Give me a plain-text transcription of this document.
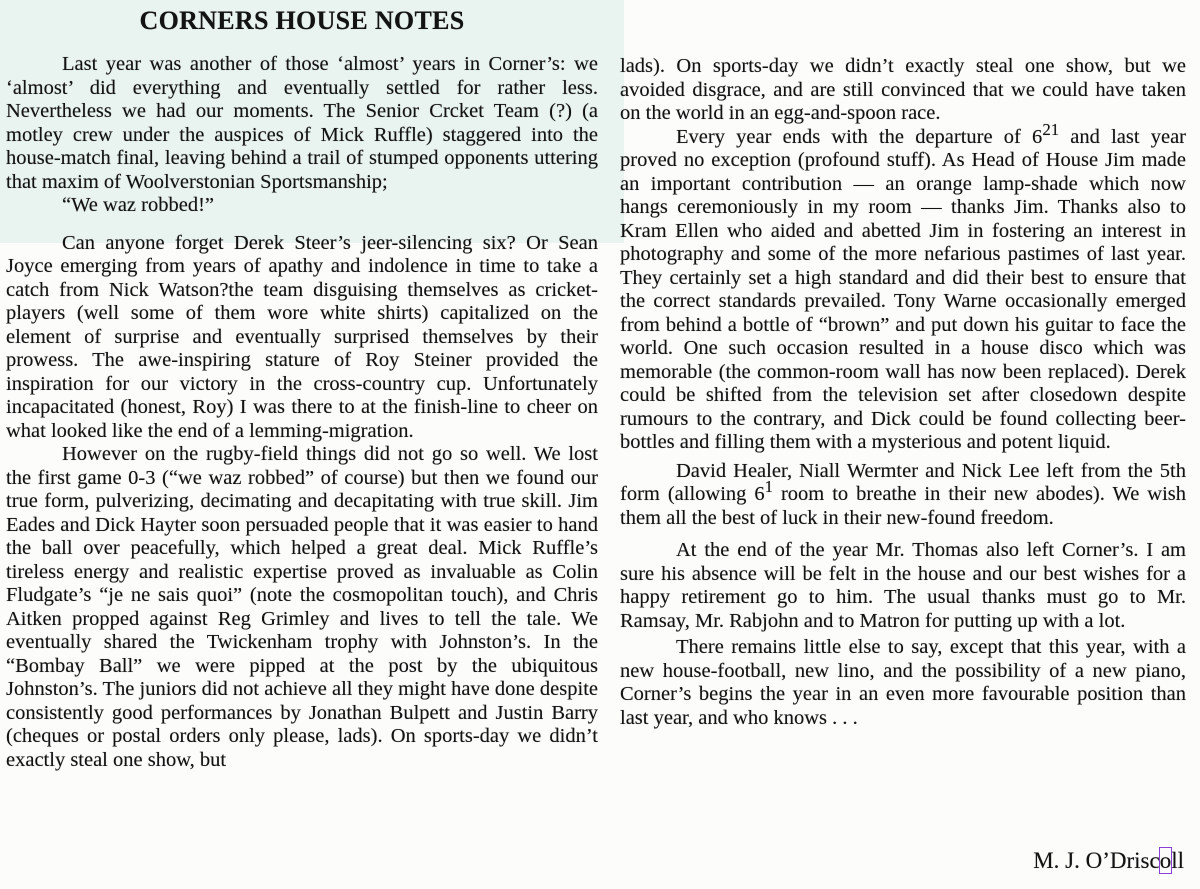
CORNERS HOUSE NOTES

Last year was another of those ‘almost’ years in Corner’s: we ‘almost’ did everything and eventually settled for rather less. Nevertheless we had our moments. The Senior Crcket Team (?) (a motley crew under the auspices of Mick Ruffle) staggered into the house-match final, leaving behind a trail of stumped opponents uttering that maxim of Woolverstonian Sportsmanship;

“We waz robbed!”

Can anyone forget Derek Steer’s jeer-silencing six? Or Sean Joyce emerging from years of apathy and indolence in time to take a catch from Nick Watson?the team disguising themselves as cricket-players (well some of them wore white shirts) capitalized on the element of surprise and eventually surprised themselves by their prowess. The awe-inspiring stature of Roy Steiner provided the inspiration for our victory in the cross-country cup. Unfortunately incapacitated (honest, Roy) I was there to at the finish-line to cheer on what looked like the end of a lemming-migration.

However on the rugby-field things did not go so well. We lost the first game 0-3 (“we waz robbed” of course) but then we found our true form, pulverizing, decimating and decapitating with true skill. Jim Eades and Dick Hayter soon persuaded people that it was easier to hand the ball over peacefully, which helped a great deal. Mick Ruffle’s tireless energy and realistic expertise proved as invaluable as Colin Fludgate’s “je ne sais quoi” (note the cosmopolitan touch), and Chris Aitken propped against Reg Grimley and lives to tell the tale. We eventually shared the Twickenham trophy with Johnston’s. In the “Bombay Ball” we were pipped at the post by the ubiquitous Johnston’s. The juniors did not achieve all they might have done despite consistently good performances by Jonathan Bulpett and Justin Barry (cheques or postal orders only please, lads). On sports-day we didn’t exactly steal one show, but

lads). On sports-day we didn’t exactly steal one show, but we avoided disgrace, and are still convinced that we could have taken on the world in an egg-and-spoon race.

Every year ends with the departure of $6^{21}$ and last year proved no exception (profound stuff). As Head of House Jim made an important contribution — an orange lamp-shade which now hangs ceremoniously in my room — thanks Jim. Thanks also to Kram Ellen who aided and abetted Jim in fostering an interest in photography and some of the more nefarious pastimes of last year. They certainly set a high standard and did their best to ensure that the correct standards prevailed. Tony Warne occasionally emerged from behind a bottle of “brown” and put down his guitar to face the world. One such occasion resulted in a house disco which was memorable (the common-room wall has now been replaced). Derek could be shifted from the television set after closedown despite rumours to the contrary, and Dick could be found collecting beer-bottles and filling them with a mysterious and potent liquid.

David Healer, Niall Wermter and Nick Lee left from the 5th form (allowing $6^1$ room to breathe in their new abodes). We wish them all the best of luck in their new-found freedom.

At the end of the year Mr. Thomas also left Corner’s. I am sure his absence will be felt in the house and our best wishes for a happy retirement go to him. The usual thanks must go to Mr. Ramsay, Mr. Rabjohn and to Matron for putting up with a lot.

There remains little else to say, except that this year, with a new house-football, new lino, and the possibility of a new piano, Corner’s begins the year in an even more favourable position than last year, and who knows . . .

M. J. O’Driscoll
